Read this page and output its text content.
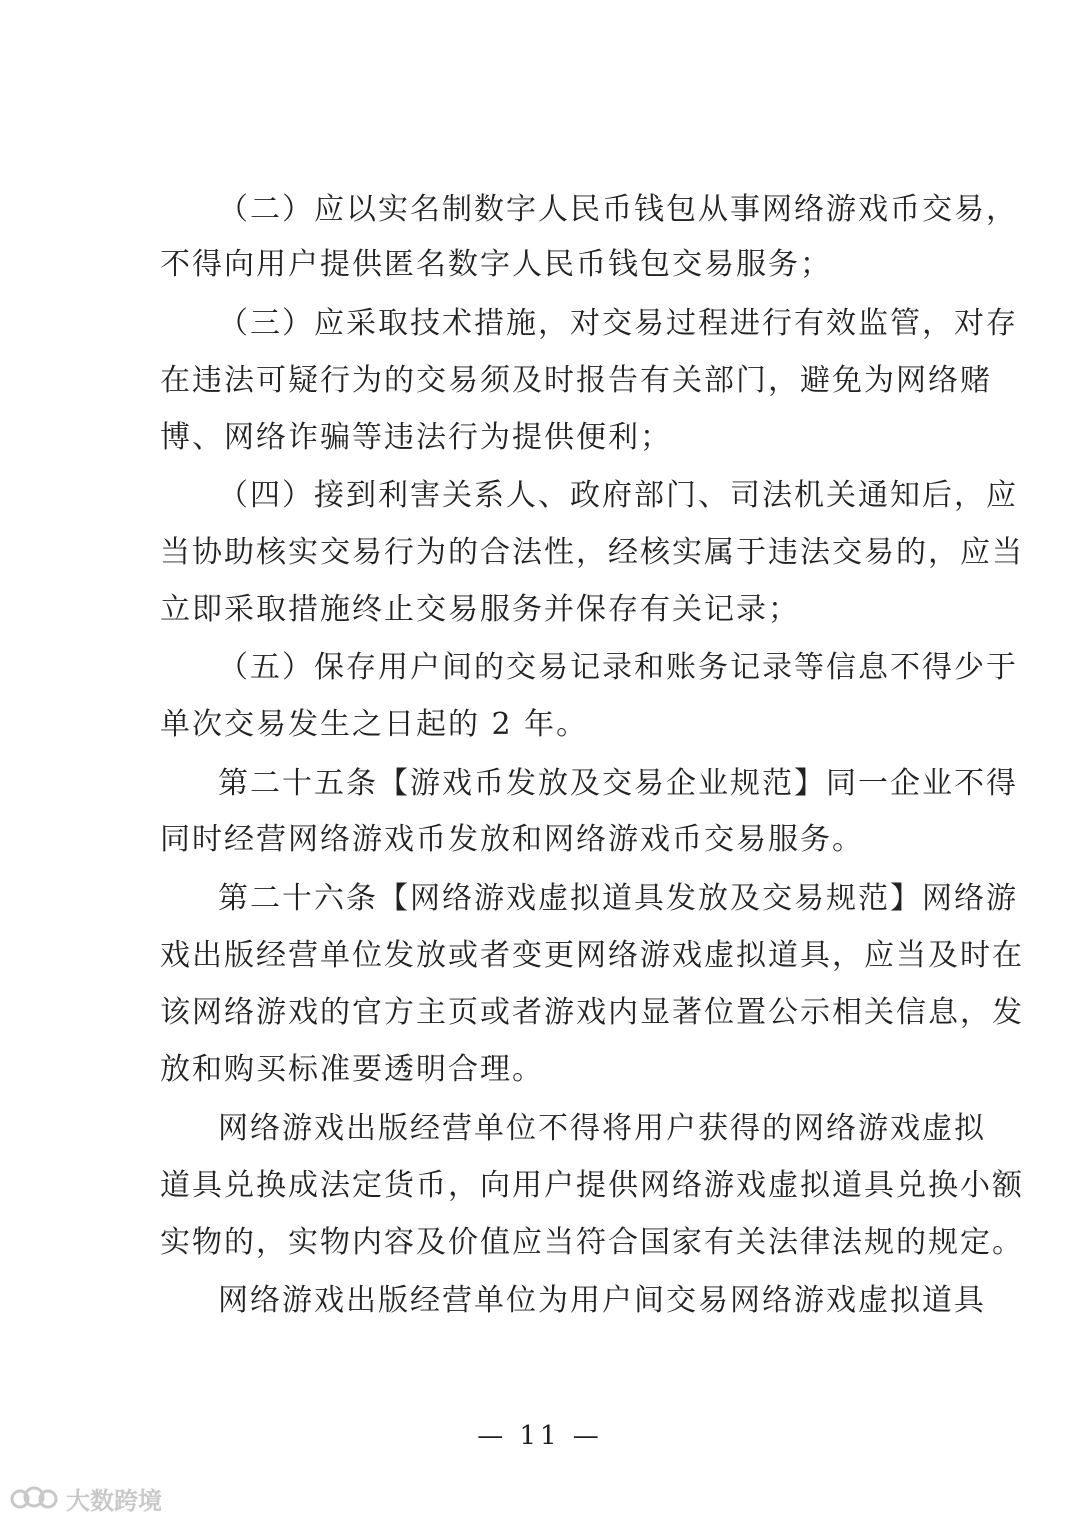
（二）应以实名制数字人民币钱包从事网络游戏币交易，
不得向用户提供匿名数字人民币钱包交易服务；
（三）应采取技术措施，对交易过程进行有效监管，对存
在违法可疑行为的交易须及时报告有关部门，避免为网络赌
博、网络诈骗等违法行为提供便利；
（四）接到利害关系人、政府部门、司法机关通知后，应
当协助核实交易行为的合法性，经核实属于违法交易的，应当
立即采取措施终止交易服务并保存有关记录；
（五）保存用户间的交易记录和账务记录等信息不得少于
单次交易发生之日起的 2 年。
第二十五条【游戏币发放及交易企业规范】同一企业不得
同时经营网络游戏币发放和网络游戏币交易服务。
第二十六条【网络游戏虚拟道具发放及交易规范】网络游
戏出版经营单位发放或者变更网络游戏虚拟道具，应当及时在
该网络游戏的官方主页或者游戏内显著位置公示相关信息，发
放和购买标准要透明合理。
网络游戏出版经营单位不得将用户获得的网络游戏虚拟
道具兑换成法定货币，向用户提供网络游戏虚拟道具兑换小额
实物的，实物内容及价值应当符合国家有关法律法规的规定。
网络游戏出版经营单位为用户间交易网络游戏虚拟道具
— 11 —
大数跨境
